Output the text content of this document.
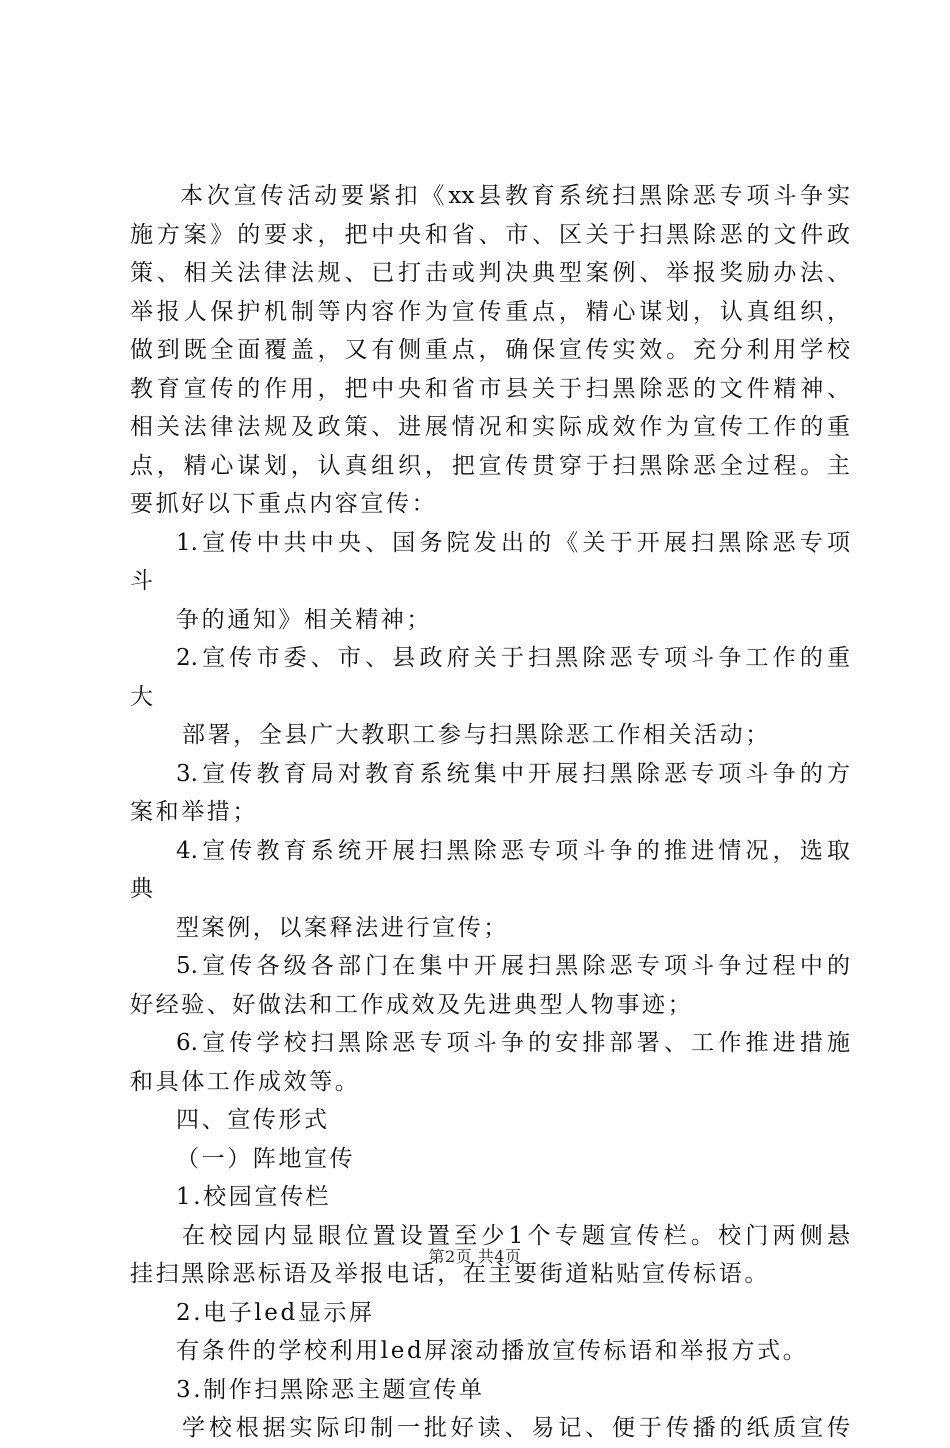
本次宣传活动要紧扣《xx县教育系统扫黑除恶专项斗争实
施方案》的要求，把中央和省、市、区关于扫黑除恶的文件政
策、相关法律法规、已打击或判决典型案例、举报奖励办法、
举报人保护机制等内容作为宣传重点，精心谋划，认真组织，
做到既全面覆盖，又有侧重点，确保宣传实效。充分利用学校
教育宣传的作用，把中央和省市县关于扫黑除恶的文件精神、
相关法律法规及政策、进展情况和实际成效作为宣传工作的重
点，精心谋划，认真组织，把宣传贯穿于扫黑除恶全过程。主
要抓好以下重点内容宣传：
1.宣传中共中央、国务院发出的《关于开展扫黑除恶专项
斗
争的通知》相关精神；
2.宣传市委、市、县政府关于扫黑除恶专项斗争工作的重
大
部署，全县广大教职工参与扫黑除恶工作相关活动；
3.宣传教育局对教育系统集中开展扫黑除恶专项斗争的方
案和举措；
4.宣传教育系统开展扫黑除恶专项斗争的推进情况，选取
典
型案例，以案释法进行宣传；
5.宣传各级各部门在集中开展扫黑除恶专项斗争过程中的
好经验、好做法和工作成效及先进典型人物事迹；
6.宣传学校扫黑除恶专项斗争的安排部署、工作推进措施
和具体工作成效等。
四、宣传形式
（一）阵地宣传
1.校园宣传栏
在校园内显眼位置设置至少1个专题宣传栏。校门两侧悬
挂扫黑除恶标语及举报电话，在主要街道粘贴宣传标语。
2.电子led显示屏
有条件的学校利用led屏滚动播放宣传标语和举报方式。
3.制作扫黑除恶主题宣传单
学校根据实际印制一批好读、易记、便于传播的纸质宣传
第2页 共4页
